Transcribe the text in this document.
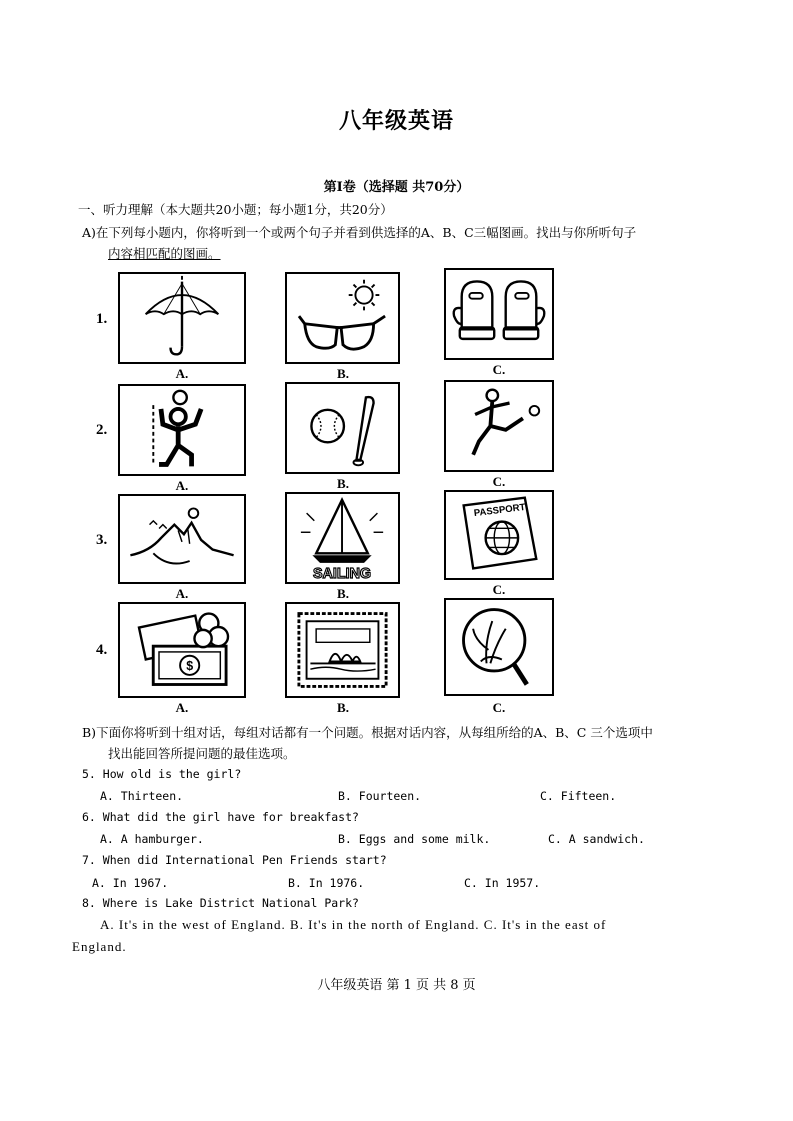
八年级英语
第Ⅰ卷（选择题 共70分）
一、听力理解（本大题共20小题；每小题1分，共20分）
A)在下列每小题内，你将听到一个或两个句子并看到供选择的A、B、C三幅图画。找出与你所听句子
内容相匹配的图画。
1.
A.	B.	C.
2.
A.	B.	C.
3.
A.
SAILING
B.
PASSPORT
C.
4.
$
A.	B.	C.
B)下面你将听到十组对话，每组对话都有一个问题。根据对话内容，从每组所给的A、B、C 三个选项中
找出能回答所提问题的最佳选项。
5. How old is the girl?
A. Thirteen.	B. Fourteen.	C. Fifteen.
6. What did the girl have for breakfast?
A. A hamburger.	B. Eggs and some milk.	C. A sandwich.
7. When did International Pen Friends start?
A. In 1967.	B. In 1976.	C. In 1957.
8. Where is Lake District National Park?
A. It's in the west of England. B. It's in the north of England. C. It's in the east of
England.
八年级英语 第 1 页 共 8 页
